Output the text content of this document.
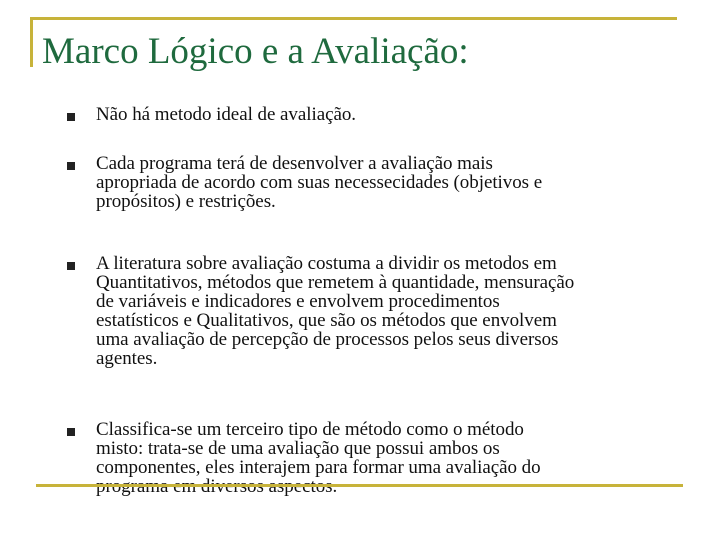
Marco Lógico e a Avaliação:
Não há metodo ideal de avaliação.
Cada programa terá de desenvolver a avaliação mais
apropriada de acordo com suas necessecidades (objetivos e
propósitos) e restrições.
A literatura sobre avaliação costuma a dividir os metodos em
Quantitativos, métodos que remetem à quantidade, mensuração
de variáveis e indicadores e envolvem procedimentos
estatísticos e Qualitativos, que são os métodos que envolvem
uma avaliação de percepção de processos pelos seus diversos
agentes.
Classifica-se um terceiro tipo de método como o método
misto: trata-se de uma avaliação que possui ambos os
componentes, eles interajem para formar uma avaliação do
